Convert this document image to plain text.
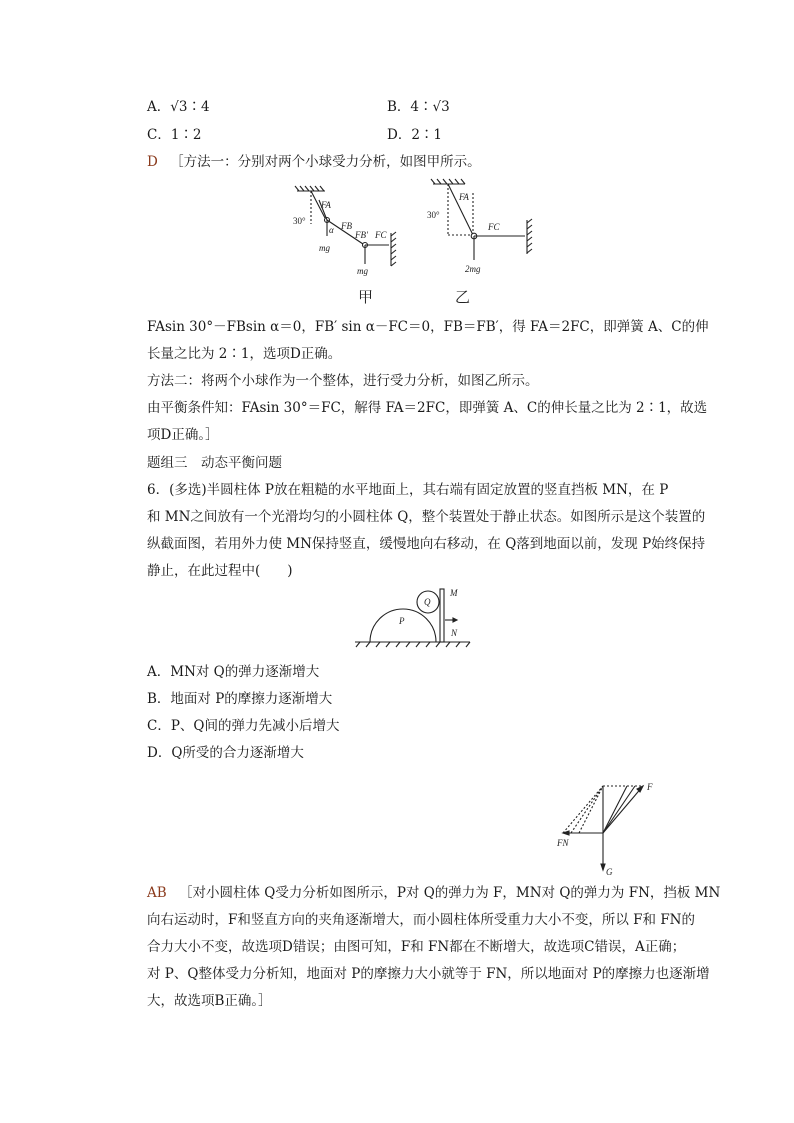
A．√3∶4	B．4∶√3
C．1∶2	D．2∶1
D ［方法一：分别对两个小球受力分析，如图甲所示。
FA
30°
α FB
mg
FB′ FC
mg
FA
30°
FC
2mg
甲	乙
FAsin 30°－FBsin α＝0，FB′ sin α－FC＝0，FB＝FB′，得 FA＝2FC，即弹簧 A、C的伸
长量之比为 2∶1，选项D正确。
方法二：将两个小球作为一个整体，进行受力分析，如图乙所示。
由平衡条件知：FAsin 30°＝FC，解得 FA＝2FC，即弹簧 A、C的伸长量之比为 2∶1，故选
项D正确。］
题组三　动态平衡问题
6．(多选)半圆柱体 P放在粗糙的水平地面上，其右端有固定放置的竖直挡板 MN，在 P
和 MN之间放有一个光滑均匀的小圆柱体 Q，整个装置处于静止状态。如图所示是这个装置的
纵截面图，若用外力使 MN保持竖直，缓慢地向右移动，在 Q落到地面以前，发现 P始终保持
静止，在此过程中(　　)
P
Q
M
N
A．MN对 Q的弹力逐渐增大
B．地面对 P的摩擦力逐渐增大
C．P、Q间的弹力先减小后增大
D．Q所受的合力逐渐增大
F
FN
G
AB ［对小圆柱体 Q受力分析如图所示，P对 Q的弹力为 F，MN对 Q的弹力为 FN，挡板 MN
向右运动时，F和竖直方向的夹角逐渐增大，而小圆柱体所受重力大小不变，所以 F和 FN的
合力大小不变，故选项D错误；由图可知，F和 FN都在不断增大，故选项C错误，A正确；
对 P、Q整体受力分析知，地面对 P的摩擦力大小就等于 FN，所以地面对 P的摩擦力也逐渐增
大，故选项B正确。］
